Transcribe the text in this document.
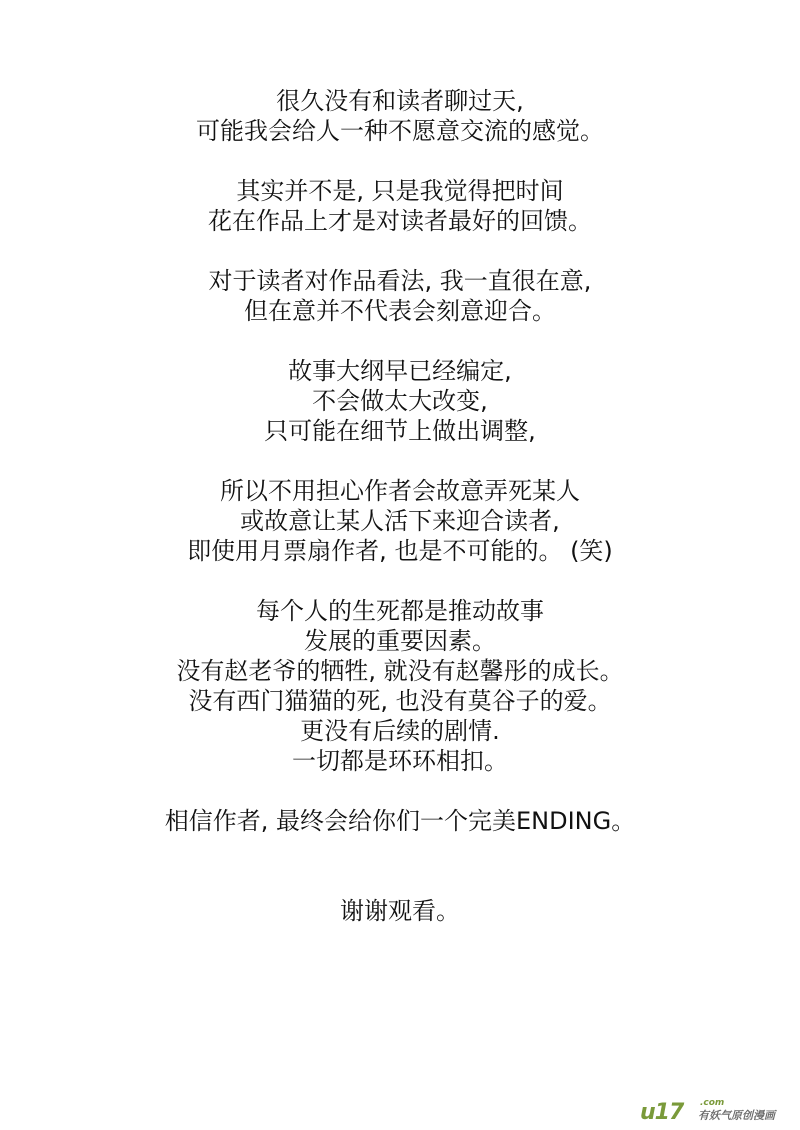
很久没有和读者聊过天,
可能我会给人一种不愿意交流的感觉。
其实并不是, 只是我觉得把时间
花在作品上才是对读者最好的回馈。
对于读者对作品看法, 我一直很在意,
但在意并不代表会刻意迎合。
故事大纲早已经编定,
不会做太大改变,
只可能在细节上做出调整,
所以不用担心作者会故意弄死某人
或故意让某人活下来迎合读者,
即使用月票扇作者, 也是不可能的。 (笑)
每个人的生死都是推动故事
发展的重要因素。
没有赵老爷的牺牲, 就没有赵馨彤的成长。
没有西门猫猫的死, 也没有莫谷子的爱。
更没有后续的剧情.
一切都是环环相扣。
相信作者, 最终会给你们一个完美ENDING。
谢谢观看。
u17 .com
有妖气原创漫画
